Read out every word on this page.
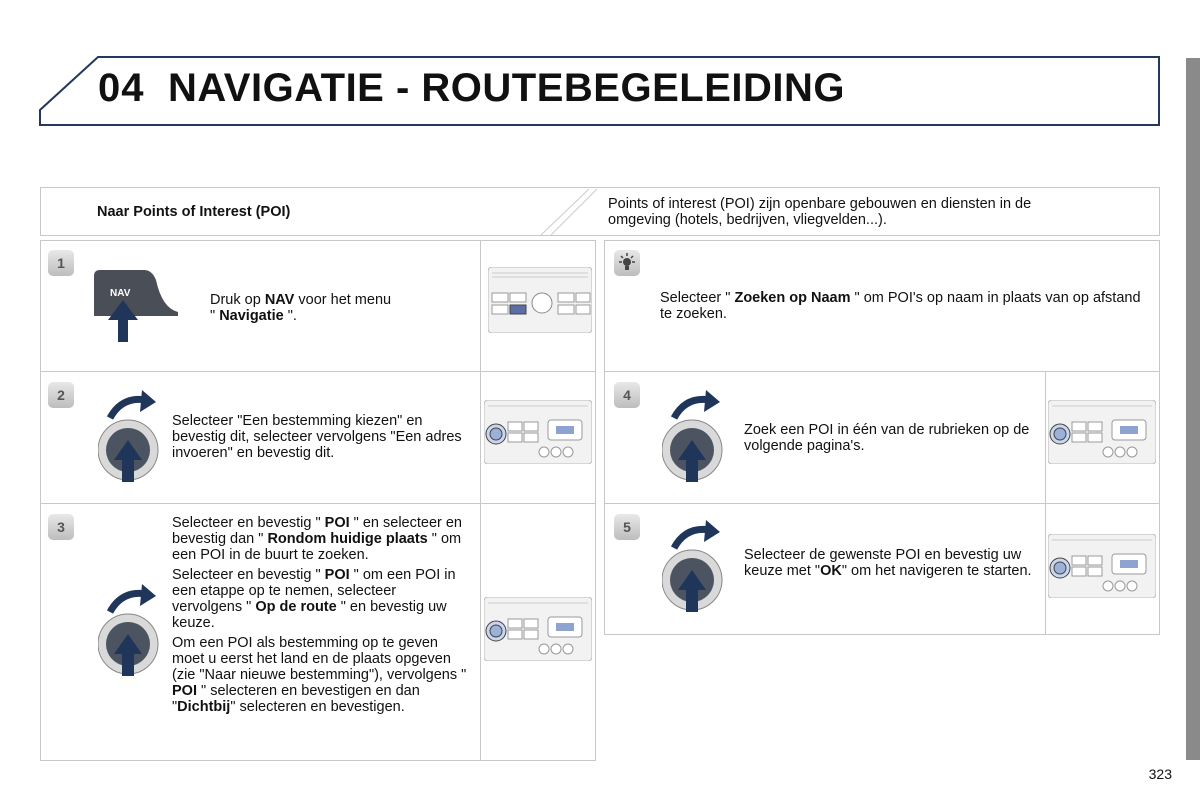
04 NAVIGATIE - ROUTEBEGELEIDING
Naar Points of Interest (POI)	Points of interest (POI) zijn openbare gebouwen en diensten in de omgeving (hotels, bedrijven, vliegvelden...).
1
NAV	Druk op NAV voor het menu
" Navigatie ".
2
Selecteer "Een bestemming kiezen" en bevestig dit, selecteer vervolgens "Een adres invoeren" en bevestig dit.
3	Selecteer en bevestig " POI " en selecteer en bevestig dan " Rondom huidige plaats " om een POI in de buurt te zoeken.
Selecteer en bevestig " POI " om een POI in een etappe op te nemen, selecteer vervolgens " Op de route " en bevestig uw keuze.
Om een POI als bestemming op te geven moet u eerst het land en de plaats opgeven (zie "Naar nieuwe bestemming"), vervolgens " POI " selecteren en bevestigen en dan "Dichtbij" selecteren en bevestigen.
Selecteer " Zoeken op Naam " om POI's op naam in plaats van op afstand te zoeken.
4
Zoek een POI in één van de rubrieken op de volgende pagina's.
5
Selecteer de gewenste POI en bevestig uw keuze met "OK" om het navigeren te starten.
323
